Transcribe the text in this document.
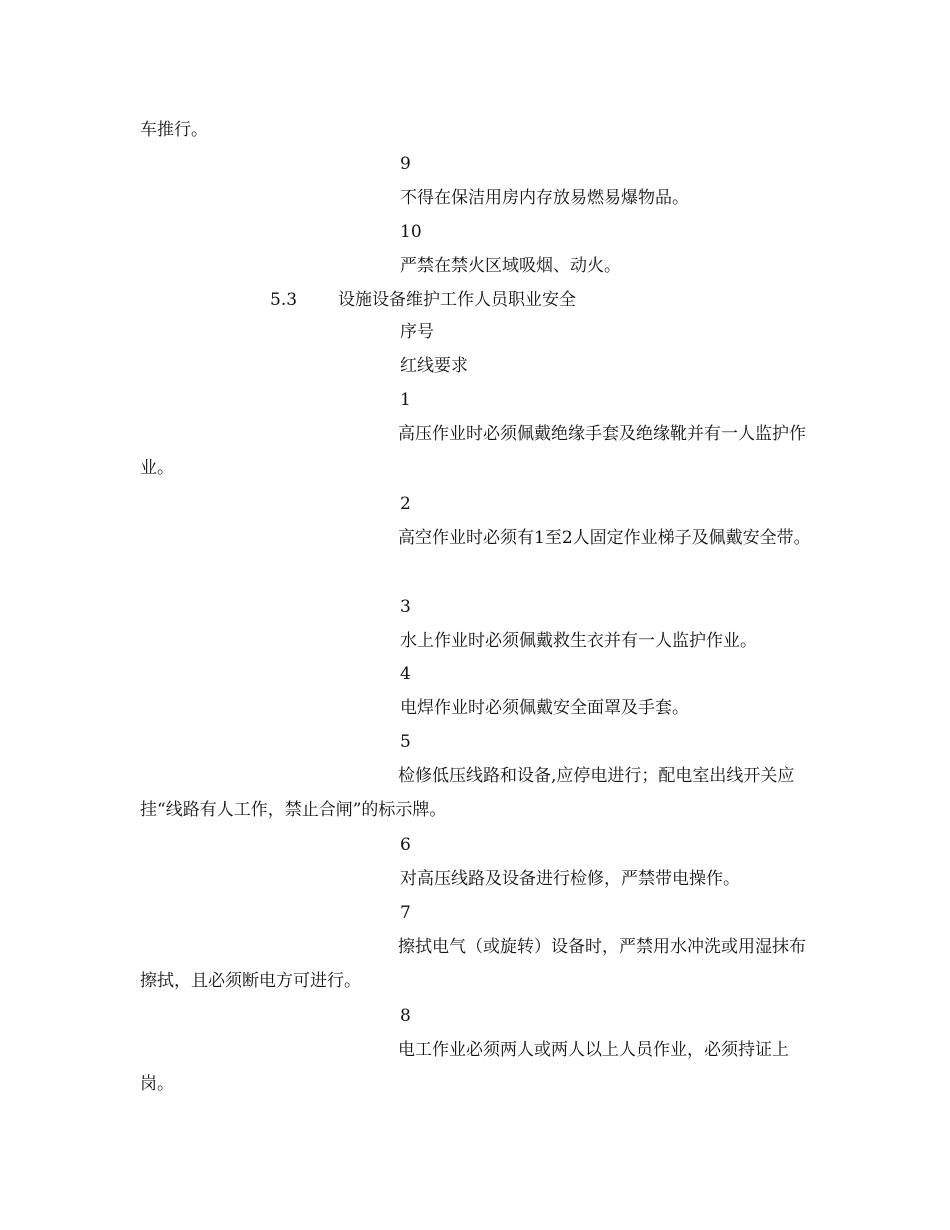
车推行。
9
不得在保洁用房内存放易燃易爆物品。
10
严禁在禁火区域吸烟、动火。
5.3 设施设备维护工作人员职业安全
序号
红线要求
1

高压作业时必须佩戴绝缘手套及绝缘靴并有一人监护作业。

2

高空作业时必须有1至2人固定作业梯子及佩戴安全带。

3
水上作业时必须佩戴救生衣并有一人监护作业。
4
电焊作业时必须佩戴安全面罩及手套。
5

检修低压线路和设备,应停电进行；配电室出线开关应挂“线路有人工作，禁止合闸”的标示牌。

6
对高压线路及设备进行检修，严禁带电操作。
7

擦拭电气（或旋转）设备时，严禁用水冲洗或用湿抹布擦拭，且必须断电方可进行。

8

电工作业必须两人或两人以上人员作业，必须持证上岗。
